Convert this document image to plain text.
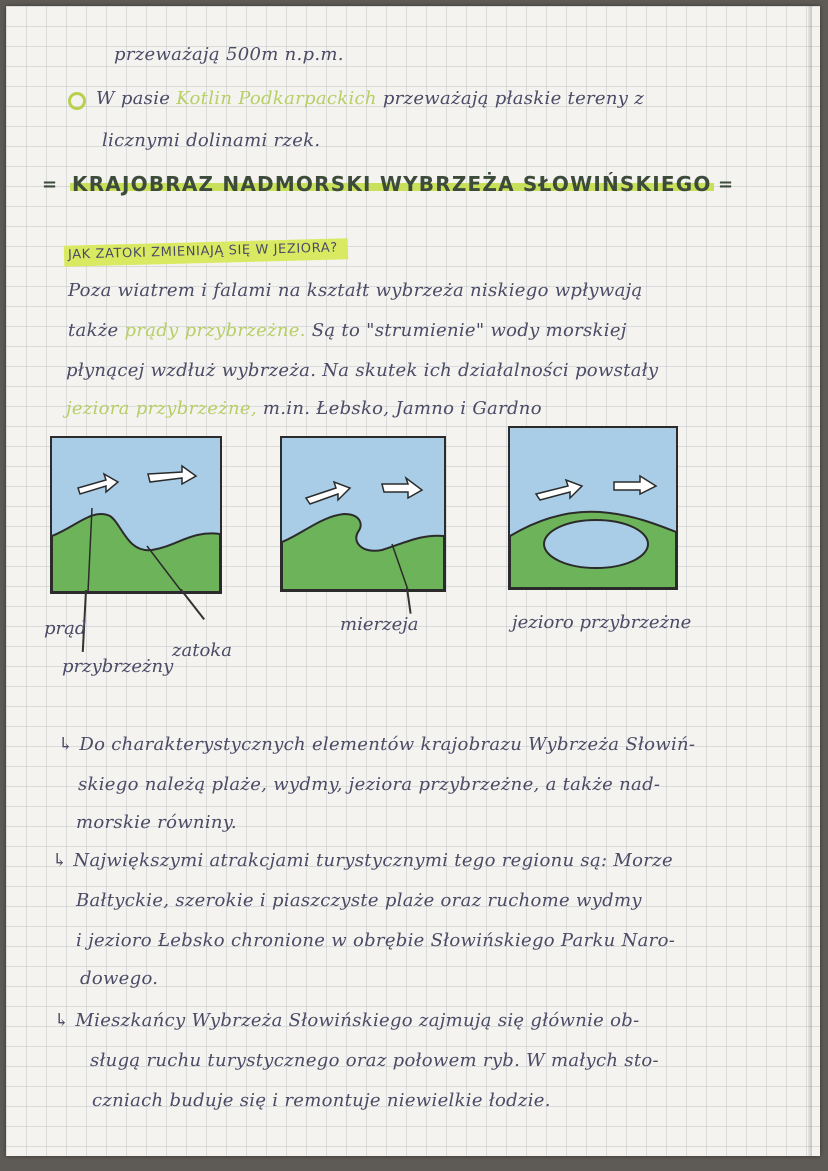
przeważają 500m n.p.m.
W pasie Kotlin Podkarpackich przeważają płaskie tereny z
licznymi dolinami rzek.
= KRAJOBRAZ NADMORSKI WYBRZEŻA SŁOWIŃSKIEGO =
JAK ZATOKI ZMIENIAJĄ SIĘ W JEZIORA?
Poza wiatrem i falami na kształt wybrzeża niskiego wpływają
także prądy przybrzeżne. Są to "strumienie" wody morskiej
płynącej wzdłuż wybrzeża. Na skutek ich działalności powstały
jeziora przybrzeżne, m.in. Łebsko, Jamno i Gardno
prąd
przybrzeżny
zatoka
mierzeja	jezioro przybrzeżne
↳ Do charakterystycznych elementów krajobrazu Wybrzeża Słowiń-
skiego należą plaże, wydmy, jeziora przybrzeżne, a także nad-
morskie równiny.
↳ Największymi atrakcjami turystycznymi tego regionu są: Morze
Bałtyckie, szerokie i piaszczyste plaże oraz ruchome wydmy
i jezioro Łebsko chronione w obrębie Słowińskiego Parku Naro-
dowego.
↳ Mieszkańcy Wybrzeża Słowińskiego zajmują się głównie ob-
sługą ruchu turystycznego oraz połowem ryb. W małych sto-
czniach buduje się i remontuje niewielkie łodzie.
